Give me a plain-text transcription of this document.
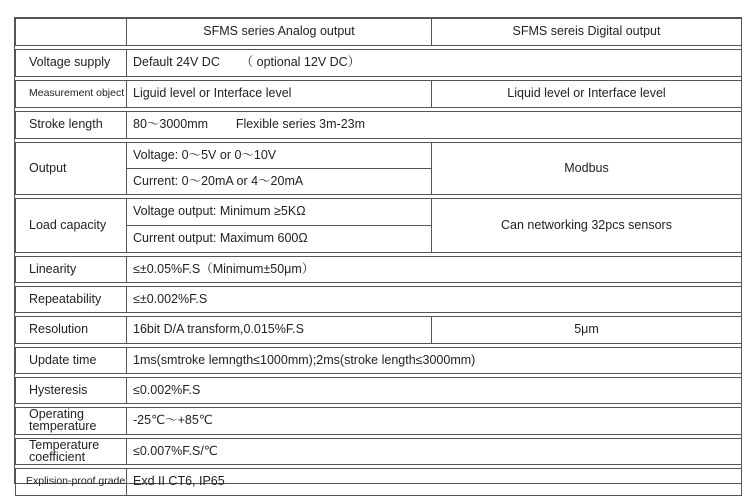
	SFMS series Analog output	SFMS sereis Digital output

Voltage supply	Default 24V DC      （ optional 12V DC）	

Measurement object	Liguid level or Interface level	Liquid level or Interface level

Stroke length	80～3000mm        Flexible series 3m-23m	

Output	Voltage: 0～5V or 0～10V	Modbus
	Current: 0～20mA or 4～20mA	

Load capacity	Voltage output: Minimum ≥5KΩ	Can networking 32pcs sensors
	Current output: Maximum 600Ω	

Linearity	≤±0.05%F.S（Minimum±50μm）	

Repeatability	≤±0.002%F.S	

Resolution	16bit D/A transform,0.015%F.S	5μm

Update time	1ms(smtroke lemngth≤1000mm);2ms(stroke length≤3000mm)	

Hysteresis	≤0.002%F.S	

Operating temperature	-25℃～+85℃	

Temperature coefficient	≤0.007%F.S/℃	

Explision-proof grade	Exd II CT6, IP65	
